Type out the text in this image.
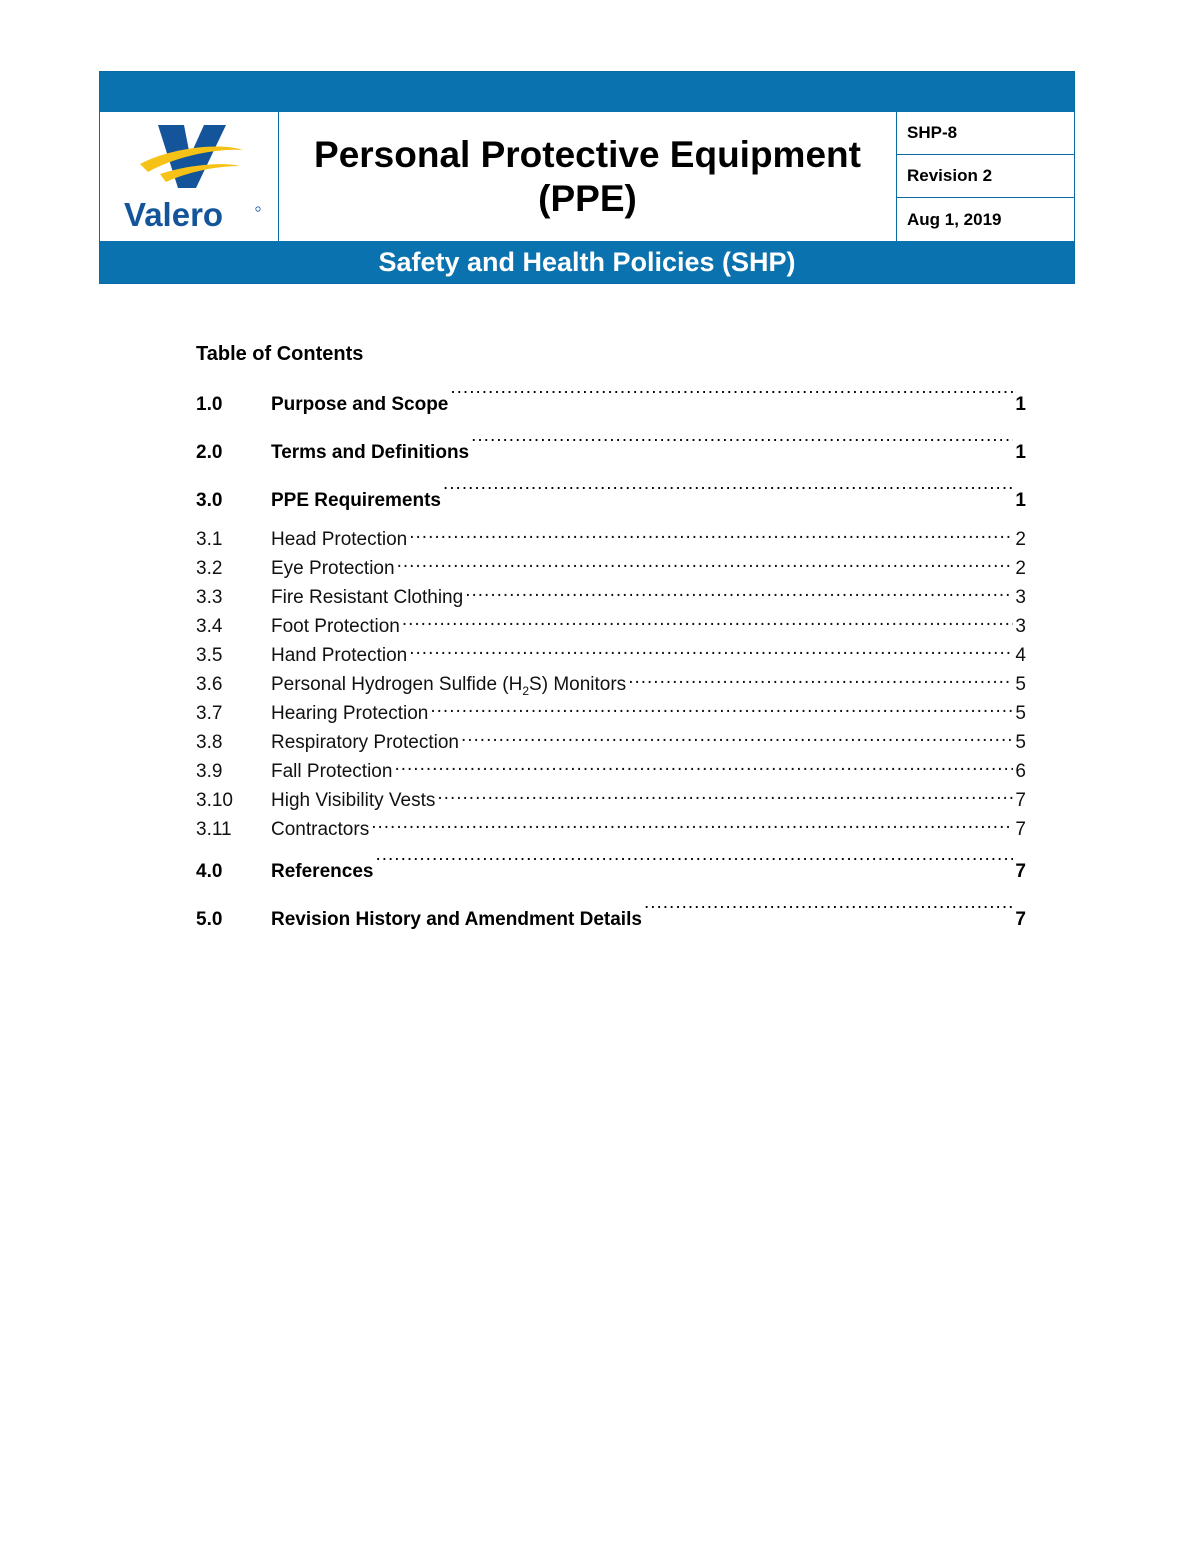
Valero
Personal Protective Equipment
(PPE)
SHP-8
Revision 2
Aug 1, 2019
Safety and Health Policies (SHP)
Table of Contents
1.0	Purpose and Scope .....	1
2.0	Terms and Definitions .....	1
3.0	PPE Requirements .....	1
3.1	Head Protection .....	2
3.2	Eye Protection .....	2
3.3	Fire Resistant Clothing .....	3
3.4	Foot Protection .....	3
3.5	Hand Protection .....	4
3.6	Personal Hydrogen Sulfide $(H_2S)$ Monitors .....	5
3.7	Hearing Protection .....	5
3.8	Respiratory Protection .....	5
3.9	Fall Protection .....	6
3.10	High Visibility Vests .....	7
3.11	Contractors .....	7
4.0	References .....	7
5.0	Revision History and Amendment Details .....	7
